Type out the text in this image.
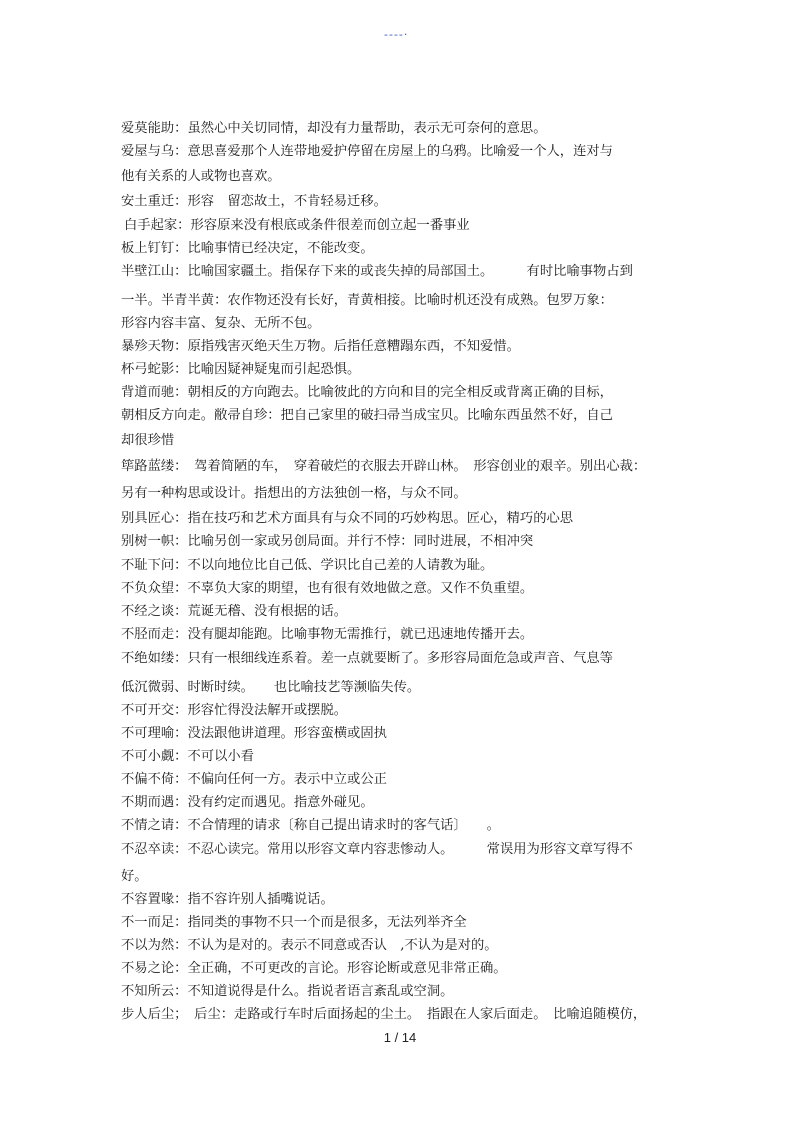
----·
爱莫能助：虽然心中关切同情，却没有力量帮助，表示无可奈何的意思。
爱屋与乌：意思喜爱那个人连带地爱护停留在房屋上的乌鸦。比喻爱一个人，连对与
他有关系的人或物也喜欢。
安土重迁：形容　留恋故土，不肯轻易迁移。
白手起家：形容原来没有根底或条件很差而创立起一番事业
板上钉钉：比喻事情已经决定，不能改变。
半壁江山：比喻国家疆土。指保存下来的或丧失掉的局部国土。　　　有时比喻事物占到
一半。半青半黄：农作物还没有长好，青黄相接。比喻时机还没有成熟。包罗万象：
形容内容丰富、复杂、无所不包。
暴殄天物：原指残害灭绝天生万物。后指任意糟蹋东西，不知爱惜。
杯弓蛇影：比喻因疑神疑鬼而引起恐惧。
背道而驰：朝相反的方向跑去。比喻彼此的方向和目的完全相反或背离正确的目标，
朝相反方向走。敝帚自珍：把自己家里的破扫帚当成宝贝。比喻东西虽然不好，自己
却很珍惜
筚路蓝缕：　驾着简陋的车，　穿着破烂的衣服去开辟山林。　形容创业的艰辛。别出心裁：
另有一种构思或设计。指想出的方法独创一格，与众不同。
别具匠心：指在技巧和艺术方面具有与众不同的巧妙构思。匠心，精巧的心思
别树一帜：比喻另创一家或另创局面。并行不悖：同时进展，不相冲突
不耻下问：不以向地位比自己低、学识比自己差的人请教为耻。
不负众望：不辜负大家的期望，也有很有效地做之意。又作不负重望。
不经之谈：荒诞无稽、没有根据的话。
不胫而走：没有腿却能跑。比喻事物无需推行，就已迅速地传播开去。
不绝如缕：只有一根细线连系着。差一点就要断了。多形容局面危急或声音、气息等
低沉微弱、时断时续。　　也比喻技艺等濒临失传。
不可开交：形容忙得没法解开或摆脱。
不可理喻：没法跟他讲道理。形容蛮横或固执
不可小觑：不可以小看
不偏不倚：不偏向任何一方。表示中立或公正
不期而遇：没有约定而遇见。指意外碰见。
不情之请：不合情理的请求〔称自己提出请求时的客气话〕　　。
不忍卒读：不忍心读完。常用以形容文章内容悲惨动人。　　　常误用为形容文章写得不
好。
不容置喙：指不容许别人插嘴说话。
不一而足：指同类的事物不只一个而是很多，无法列举齐全
不以为然：不认为是对的。表示不同意或否认　,不认为是对的。
不易之论：全正确，不可更改的言论。形容论断或意见非常正确。
不知所云：不知道说得是什么。指说者语言紊乱或空洞。
步人后尘；　后尘：走路或行车时后面扬起的尘土。　指跟在人家后面走。　比喻追随模仿，
1 / 14
